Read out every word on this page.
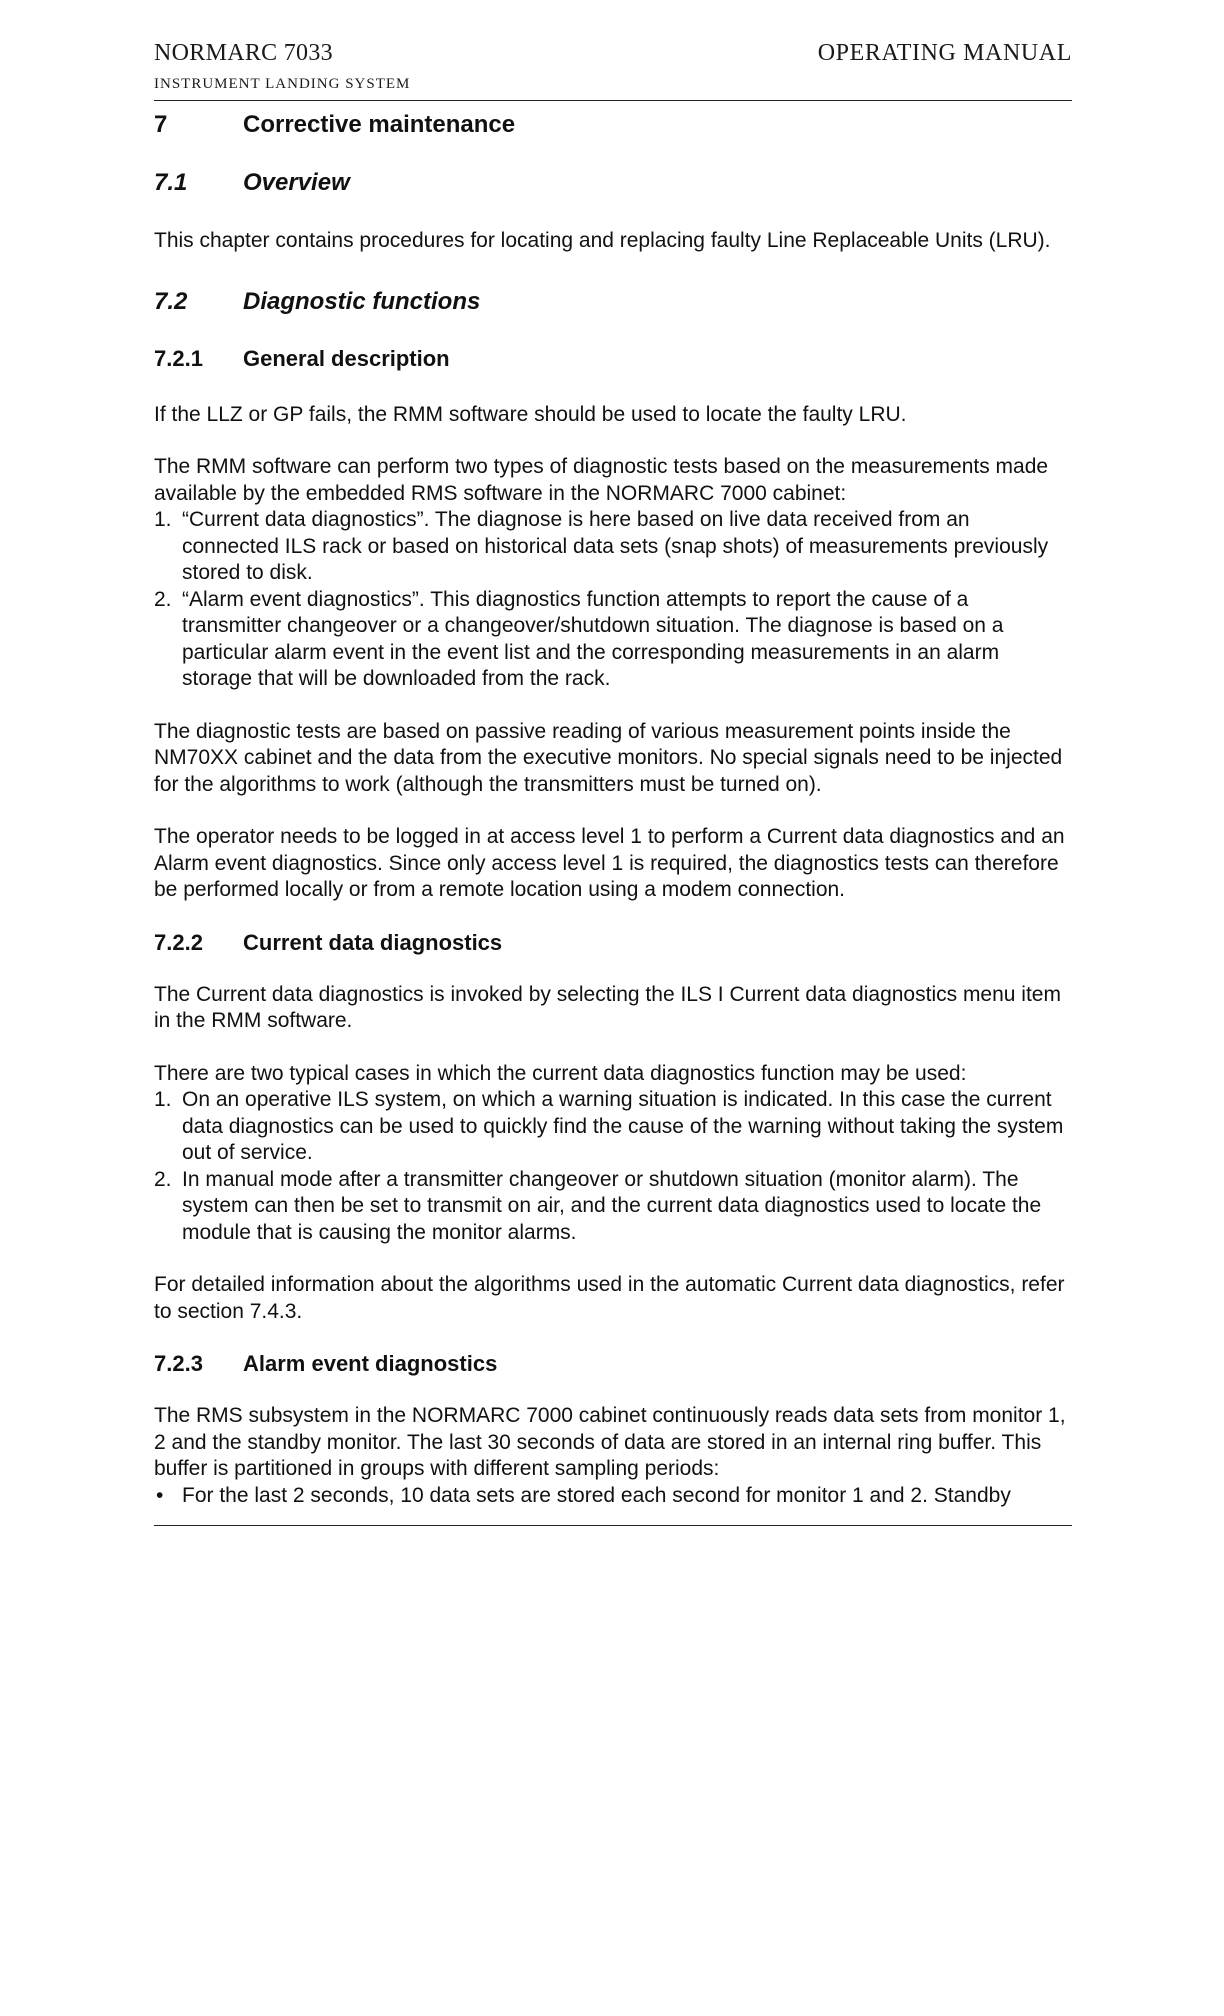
NORMARC 7033
INSTRUMENT LANDING SYSTEM
OPERATING MANUAL
7	Corrective maintenance
7.1	Overview

This chapter contains procedures for locating and replacing faulty Line Replaceable Units (LRU).

7.2	Diagnostic functions
7.2.1	General description

If the LLZ or GP fails, the RMM software should be used to locate the faulty LRU.

The RMM software can perform two types of diagnostic tests based on the measurements made available by the embedded RMS software in the NORMARC 7000 cabinet:

1. “Current data diagnostics”. The diagnose is here based on live data received from an connected ILS rack or based on historical data sets (snap shots) of measurements previously stored to disk.
2. “Alarm event diagnostics”. This diagnostics function attempts to report the cause of a transmitter changeover or a changeover/shutdown situation. The diagnose is based on a particular alarm event in the event list and the corresponding measurements in an alarm storage that will be downloaded from the rack.

The diagnostic tests are based on passive reading of various measurement points inside the NM70XX cabinet and the data from the executive monitors. No special signals need to be injected for the algorithms to work (although the transmitters must be turned on).

The operator needs to be logged in at access level 1 to perform a Current data diagnostics and an Alarm event diagnostics. Since only access level 1 is required, the diagnostics tests can therefore be performed locally or from a remote location using a modem connection.

7.2.2	Current data diagnostics

The Current data diagnostics is invoked by selecting the ILS I Current data diagnostics menu item in the RMM software.

There are two typical cases in which the current data diagnostics function may be used:

1. On an operative ILS system, on which a warning situation is indicated. In this case the current data diagnostics can be used to quickly find the cause of the warning without taking the system out of service.
2. In manual mode after a transmitter changeover or shutdown situation (monitor alarm). The system can then be set to transmit on air, and the current data diagnostics used to locate the module that is causing the monitor alarms.

For detailed information about the algorithms used in the automatic Current data diagnostics, refer to section 7.4.3.

7.2.3	Alarm event diagnostics

The RMS subsystem in the NORMARC 7000 cabinet continuously reads data sets from monitor 1, 2 and the standby monitor. The last 30 seconds of data are stored in an internal ring buffer. This buffer is partitioned in groups with different sampling periods:

• For the last 2 seconds, 10 data sets are stored each second for monitor 1 and 2. Standby
